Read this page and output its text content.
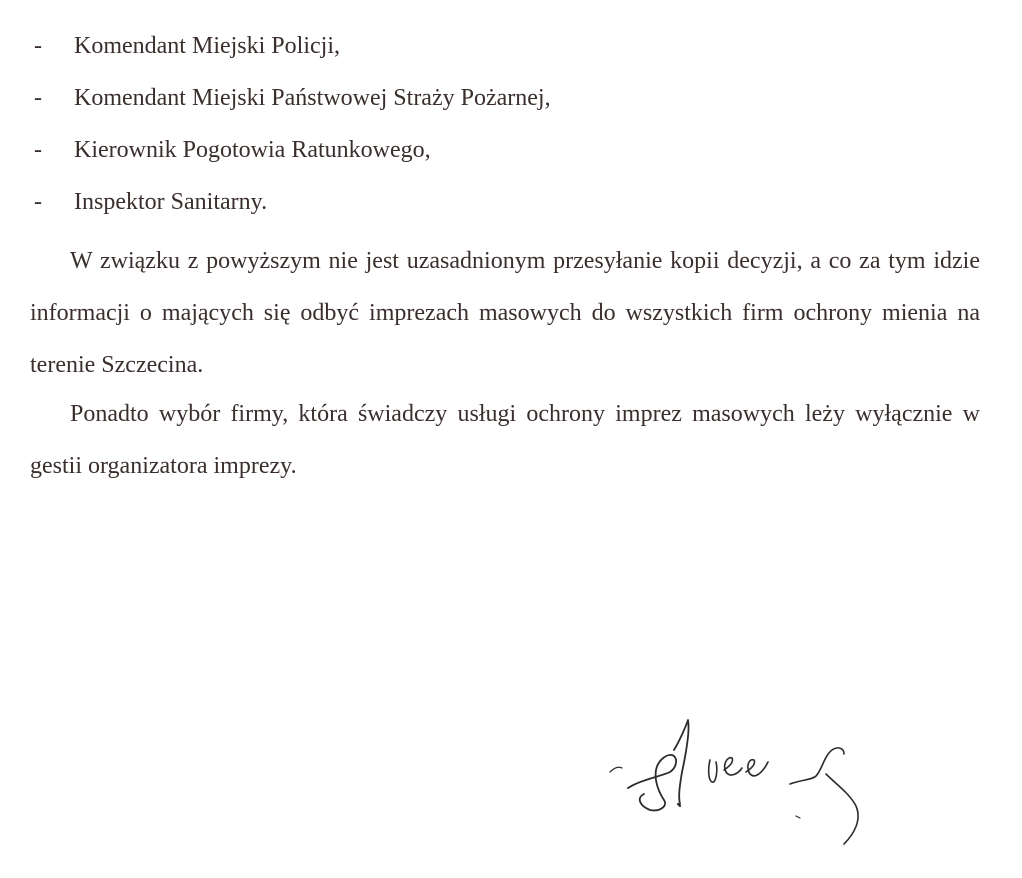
-	Komendant Miejski Policji,
-	Komendant Miejski Państwowej Straży Pożarnej,
-	Kierownik Pogotowia Ratunkowego,
-	Inspektor Sanitarny.

W związku z powyższym nie jest uzasadnionym przesyłanie kopii decyzji, a co za tym idzie informacji o mających się odbyć imprezach masowych do wszystkich firm ochrony mienia na terenie Szczecina.

Ponadto wybór firmy, która świadczy usługi ochrony imprez masowych leży wyłącznie w gestii organizatora imprezy.
